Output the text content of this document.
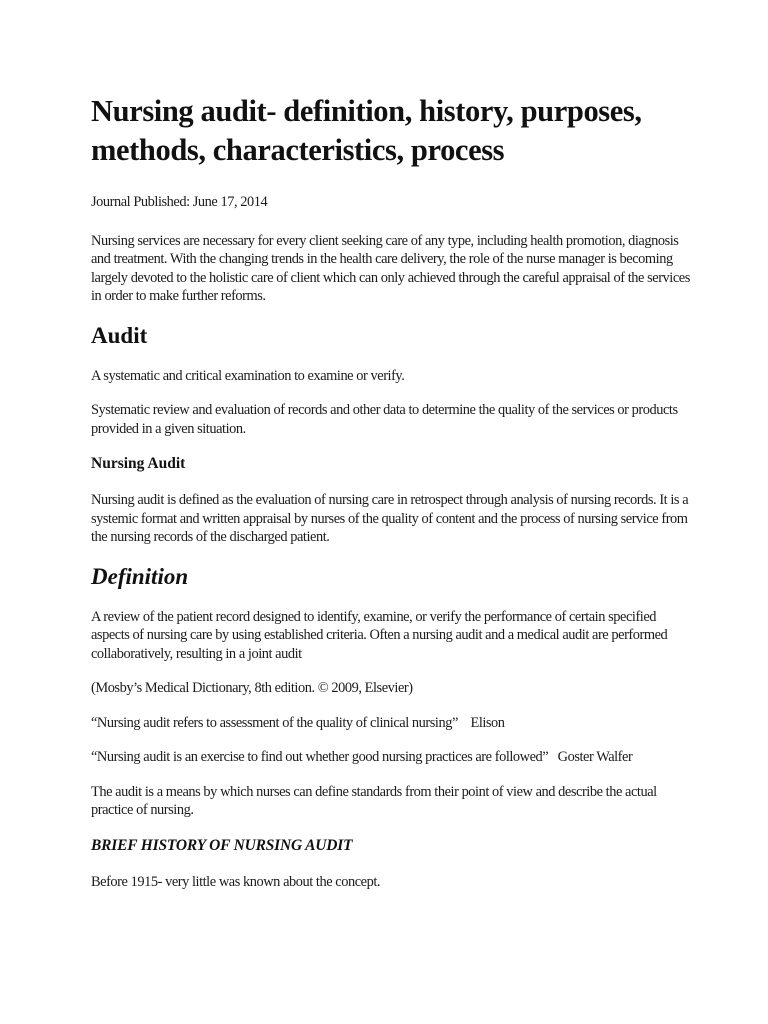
Nursing audit- definition, history, purposes, methods, characteristics, process

Journal Published: June 17, 2014

Nursing services are necessary for every client seeking care of any type, including health promotion, diagnosis and treatment. With the changing trends in the health care delivery, the role of the nurse manager is becoming largely devoted to the holistic care of client which can only achieved through the careful appraisal of the services in order to make further reforms.

Audit

A systematic and critical examination to examine or verify.

Systematic review and evaluation of records and other data to determine the quality of the services or products provided in a given situation.

Nursing Audit

Nursing audit is defined as the evaluation of nursing care in retrospect through analysis of nursing records. It is a systemic format and written appraisal by nurses of the quality of content and the process of nursing service from the nursing records of the discharged patient.

Definition

A review of the patient record designed to identify, examine, or verify the performance of certain specified aspects of nursing care by using established criteria. Often a nursing audit and a medical audit are performed collaboratively, resulting in a joint audit

(Mosby’s Medical Dictionary, 8th edition. © 2009, Elsevier)

“Nursing audit refers to assessment of the quality of clinical nursing”    Elison

“Nursing audit is an exercise to find out whether good nursing practices are followed”   Goster Walfer

The audit is a means by which nurses can define standards from their point of view and describe the actual practice of nursing.

BRIEF HISTORY OF NURSING AUDIT

Before 1915- very little was known about the concept.
